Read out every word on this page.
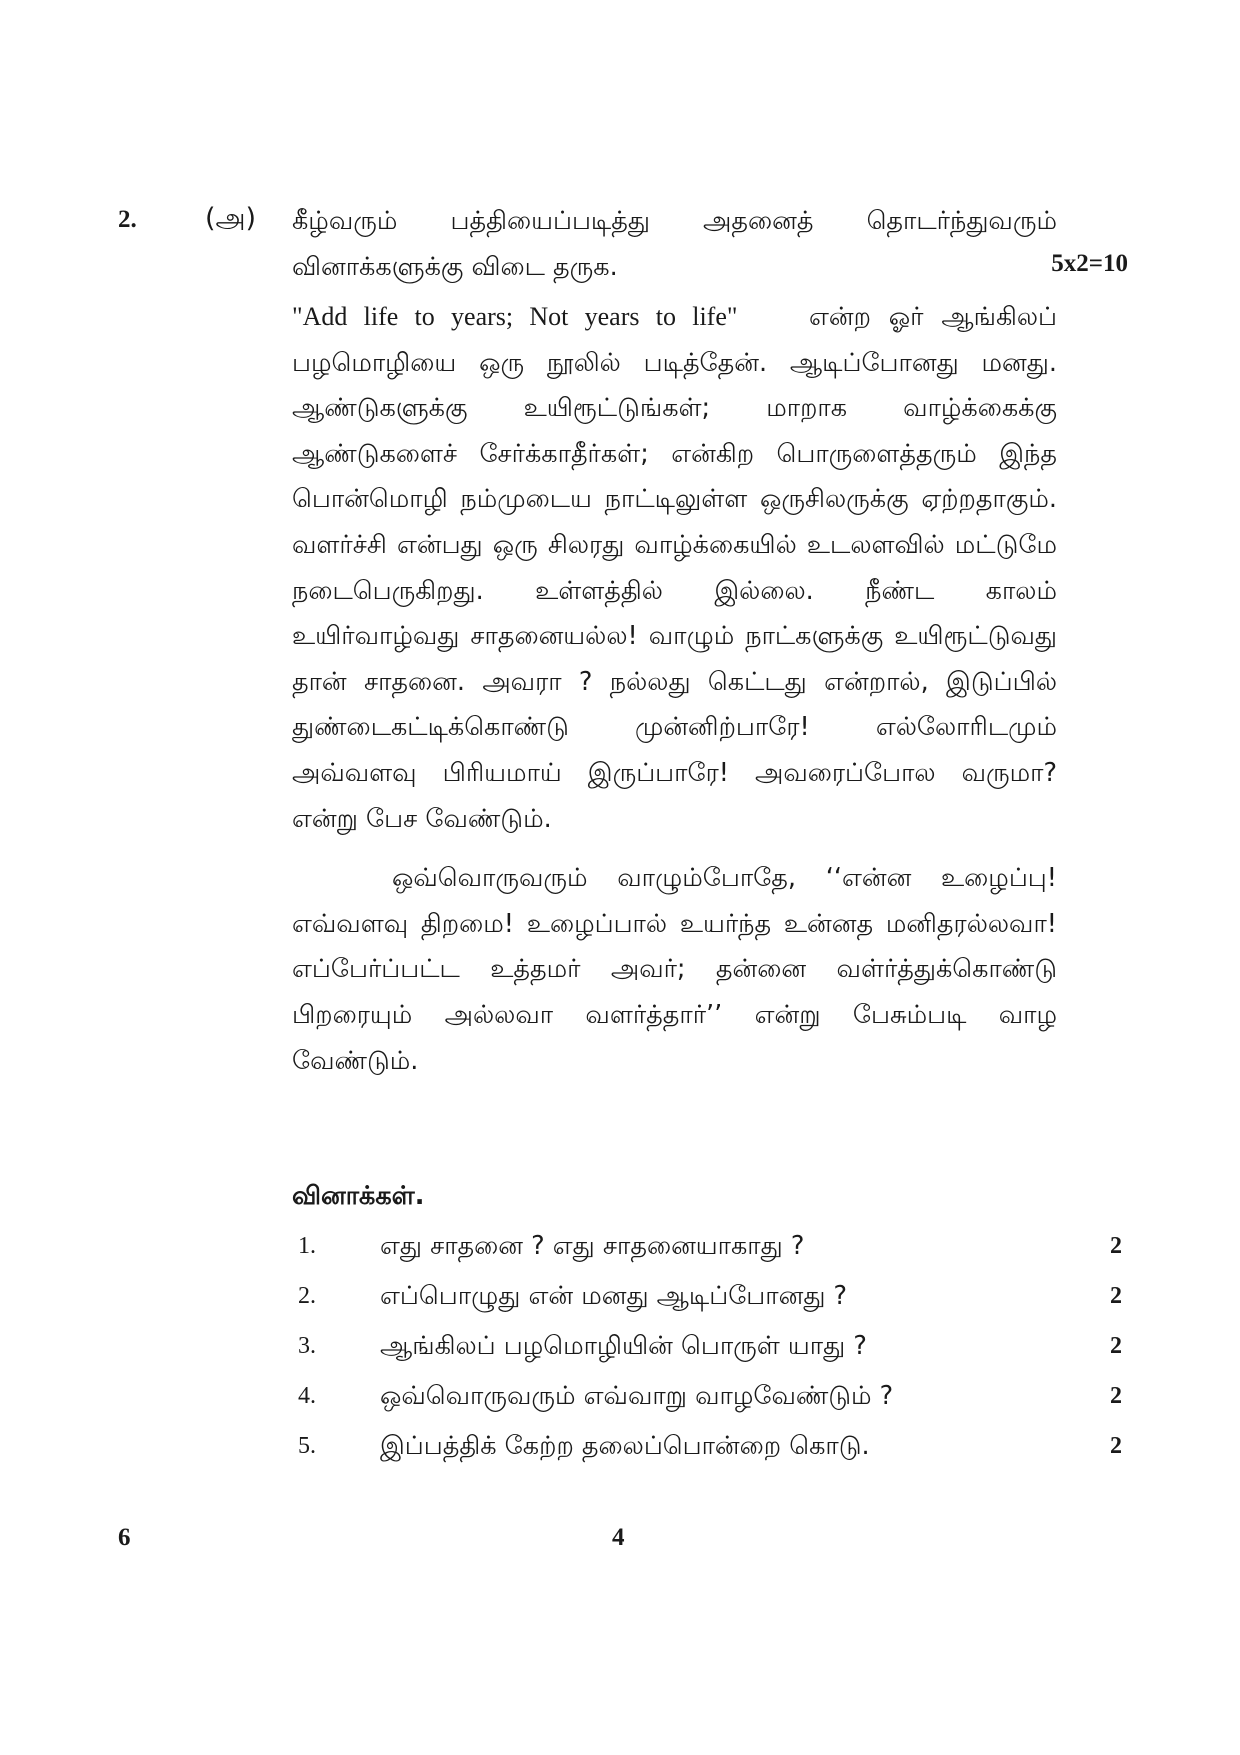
2.	(அ) கீழ்வரும் பத்தியைப்படித்து அதனைத் தொடர்ந்துவரும்
வினாக்களுக்கு விடை தருக.	5x2=10

"Add life to years; Not years to life"	என்ற ஓர் ஆங்கிலப் பழமொழியை ஒரு நூலில் படித்தேன். ஆடிப்போனது மனது. ஆண்டுகளுக்கு உயிரூட்டுங்கள்; மாறாக வாழ்க்கைக்கு ஆண்டுகளைச் சேர்க்காதீர்கள்; என்கிற பொருளைத்தரும் இந்த பொன்மொழி நம்முடைய நாட்டிலுள்ள ஒருசிலருக்கு ஏற்றதாகும். வளர்ச்சி என்பது ஒரு சிலரது வாழ்க்கையில் உடலளவில் மட்டுமே நடைபெருகிறது. உள்ளத்தில் இல்லை. நீண்ட காலம் உயிர்வாழ்வது சாதனையல்ல! வாழும் நாட்களுக்கு உயிரூட்டுவது தான் சாதனை. அவரா ? நல்லது கெட்டது என்றால், இடுப்பில் துண்டைகட்டிக்கொண்டு முன்னிற்பாரே! எல்லோரிடமும் அவ்வளவு பிரியமாய் இருப்பாரே! அவரைப்போல வருமா? என்று பேச வேண்டும்.

ஒவ்வொருவரும் வாழும்போதே, ‘‘என்ன உழைப்பு! எவ்வளவு திறமை! உழைப்பால் உயர்ந்த உன்னத மனிதரல்லவா! எப்பேர்ப்பட்ட உத்தமர் அவர்; தன்னை வள்ர்த்துக்கொண்டு பிறரையும் அல்லவா வளர்த்தார்’’ என்று பேசும்படி வாழ வேண்டும்.

வினாக்கள்.
1.	எது சாதனை ? எது சாதனையாகாது ?	2
2.	எப்பொழுது என் மனது ஆடிப்போனது ?	2
3.	ஆங்கிலப் பழமொழியின் பொருள் யாது ?	2
4.	ஒவ்வொருவரும் எவ்வாறு வாழவேண்டும் ?	2
5.	இப்பத்திக் கேற்ற தலைப்பொன்றை கொடு.	2
6	4
